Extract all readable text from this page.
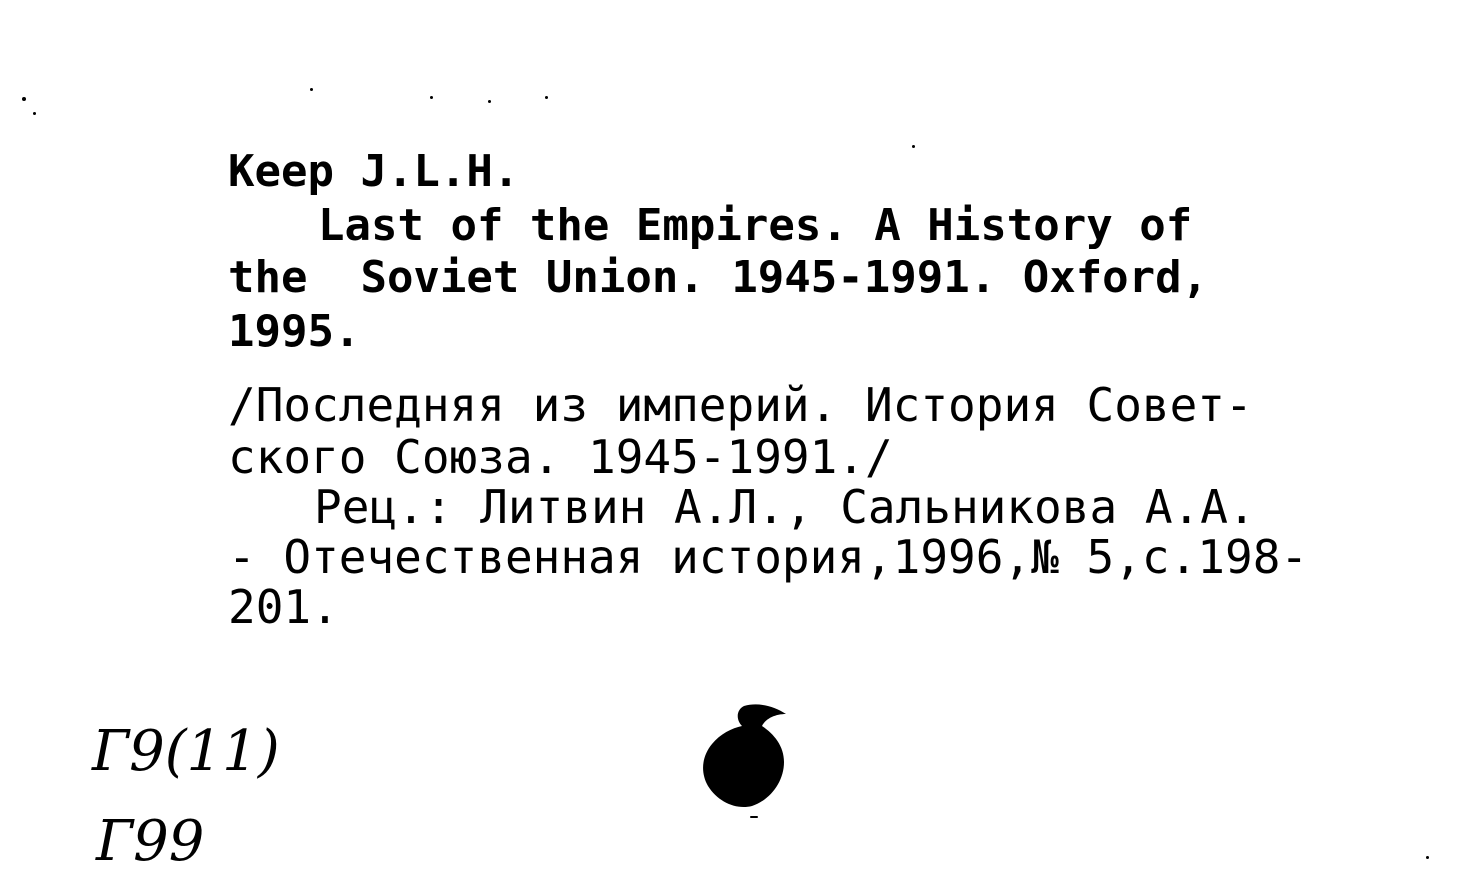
Keep J.L.H.
Last of the Empires. A History of
the  Soviet Union. 1945-1991. Oxford,
1995.
/Последняя из империй. История Совет-
ского Союза. 1945-1991./
Рец.: Литвин А.Л., Сальникова А.А.
- Отечественная история,1996,№ 5,с.198-
201.
Г9(11)
Г99
